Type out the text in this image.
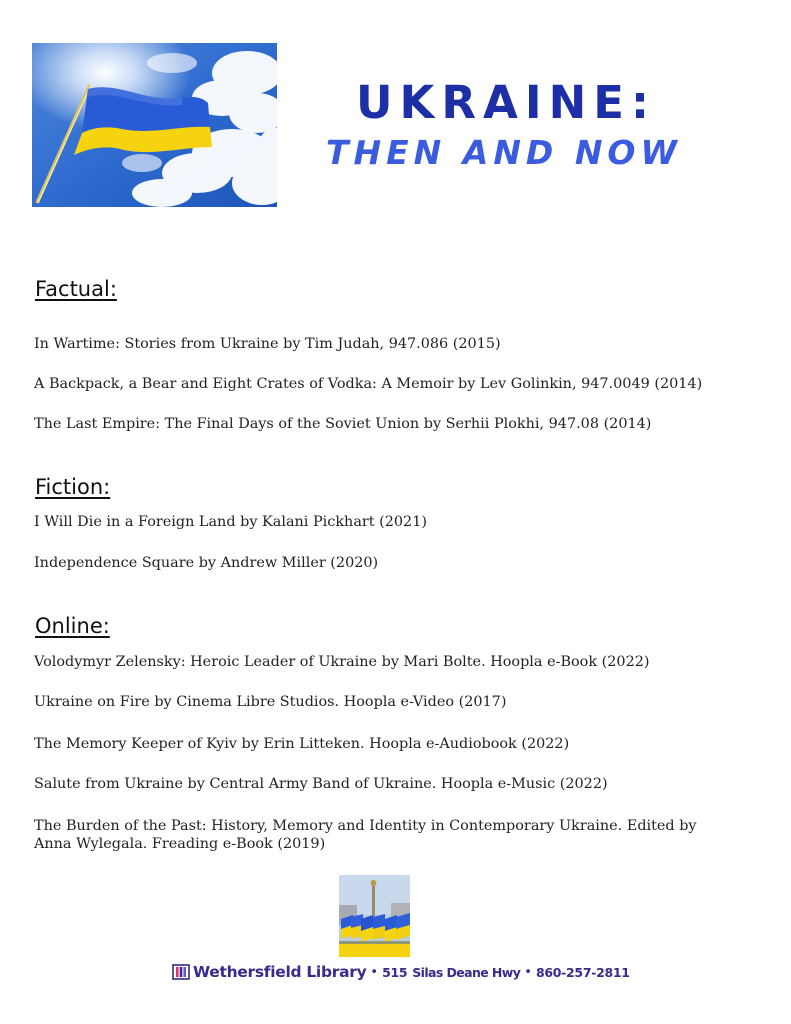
UKRAINE:
THEN AND NOW
Factual:
In Wartime: Stories from Ukraine by Tim Judah, 947.086 (2015)
A Backpack, a Bear and Eight Crates of Vodka: A Memoir by Lev Golinkin, 947.0049 (2014)
The Last Empire: The Final Days of the Soviet Union by Serhii Plokhi, 947.08 (2014)
Fiction:
I Will Die in a Foreign Land by Kalani Pickhart (2021)
Independence Square by Andrew Miller (2020)
Online:
Volodymyr Zelensky: Heroic Leader of Ukraine by Mari Bolte. Hoopla e-Book (2022)
Ukraine on Fire by Cinema Libre Studios. Hoopla e-Video (2017)
The Memory Keeper of Kyiv by Erin Litteken. Hoopla e-Audiobook (2022)
Salute from Ukraine by Central Army Band of Ukraine. Hoopla e-Music (2022)
The Burden of the Past: History, Memory and Identity in Contemporary Ukraine. Edited by Anna Wylegala. Freading e-Book (2019)
Wethersfield Library • 515 Silas Deane Hwy • 860-257-2811
